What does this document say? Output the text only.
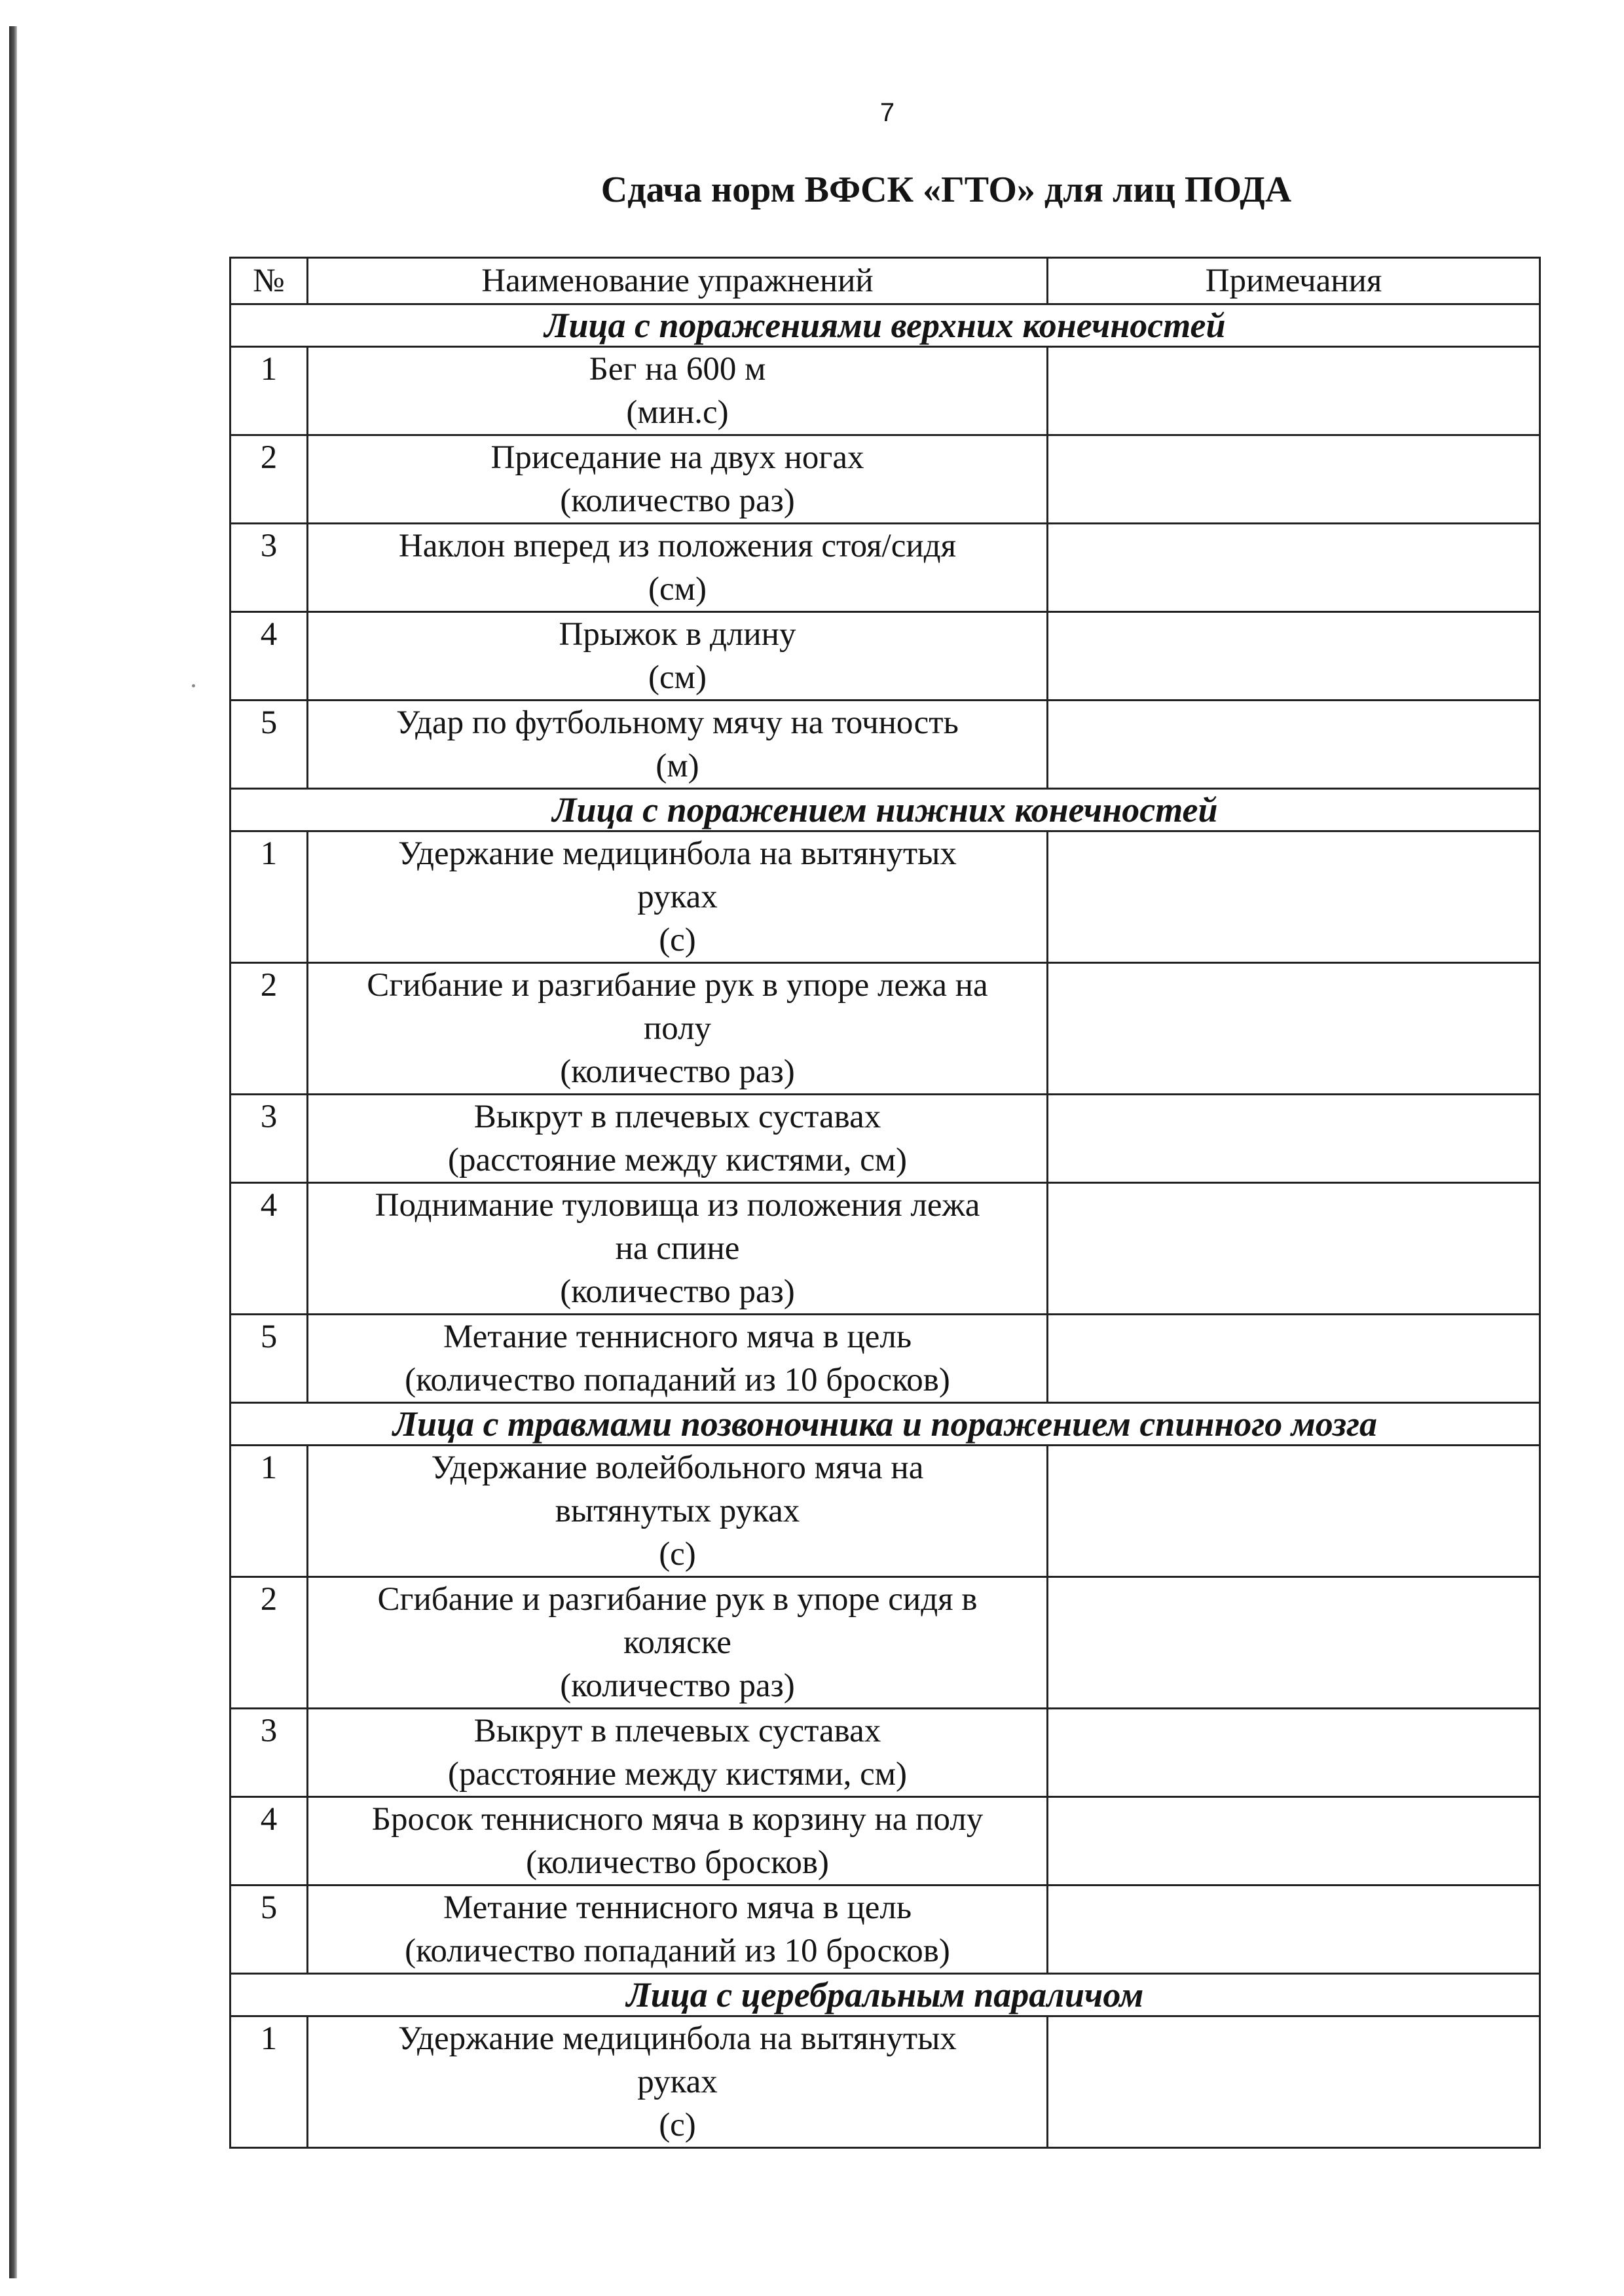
7
Сдача норм ВФСК «ГТО» для лиц ПОДА
№	Наименование упражнений	Примечания
Лица с поражениями верхних конечностей		
1	Бег на 600 м
(мин.с)	

2	Приседание на двух ногах
(количество раз)	

3	Наклон вперед из положения стоя/сидя
(см)	

4	Прыжок в длину
(см)	

5	Удар по футбольному мячу на точность
(м)	

Лица с поражением нижних конечностей		
1	Удержание медицинбола на вытянутых
руках
(с)	

2	Сгибание и разгибание рук в упоре лежа на
полу
(количество раз)	

3	Выкрут в плечевых суставах
(расстояние между кистями, см)	

4	Поднимание туловища из положения лежа
на спине
(количество раз)	

5	Метание теннисного мяча в цель
(количество попаданий из 10 бросков)	

Лица с травмами позвоночника и поражением спинного мозга		
1	Удержание волейбольного мяча на
вытянутых руках
(с)	

2	Сгибание и разгибание рук в упоре сидя в
коляске
(количество раз)	

3	Выкрут в плечевых суставах
(расстояние между кистями, см)	

4	Бросок теннисного мяча в корзину на полу
(количество бросков)	

5	Метание теннисного мяча в цель
(количество попаданий из 10 бросков)	

Лица с церебральным параличом		
1	Удержание медицинбола на вытянутых
руках
(с)	
